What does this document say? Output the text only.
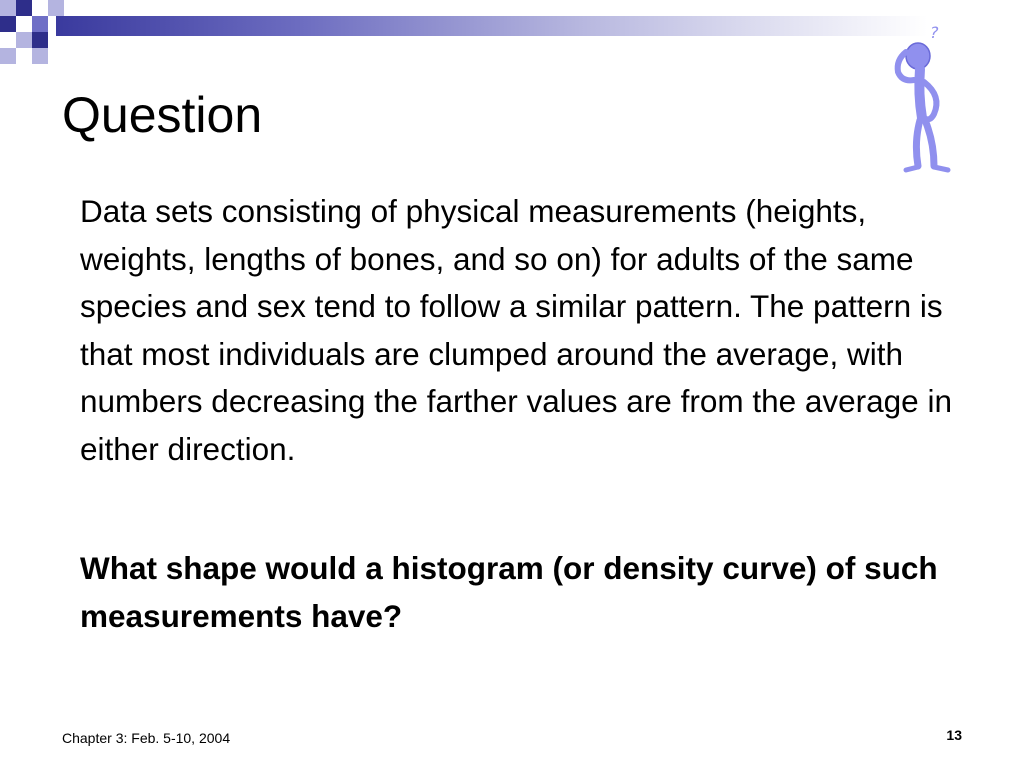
Question
?

Data sets consisting of physical measurements (heights, weights, lengths of bones, and so on) for adults of the same species and sex tend to follow a similar pattern. The pattern is that most individuals are clumped around the average, with numbers decreasing the farther values are from the average in either direction.

What shape would a histogram (or density curve) of such measurements have?

Chapter 3: Feb. 5-10, 2004	13
